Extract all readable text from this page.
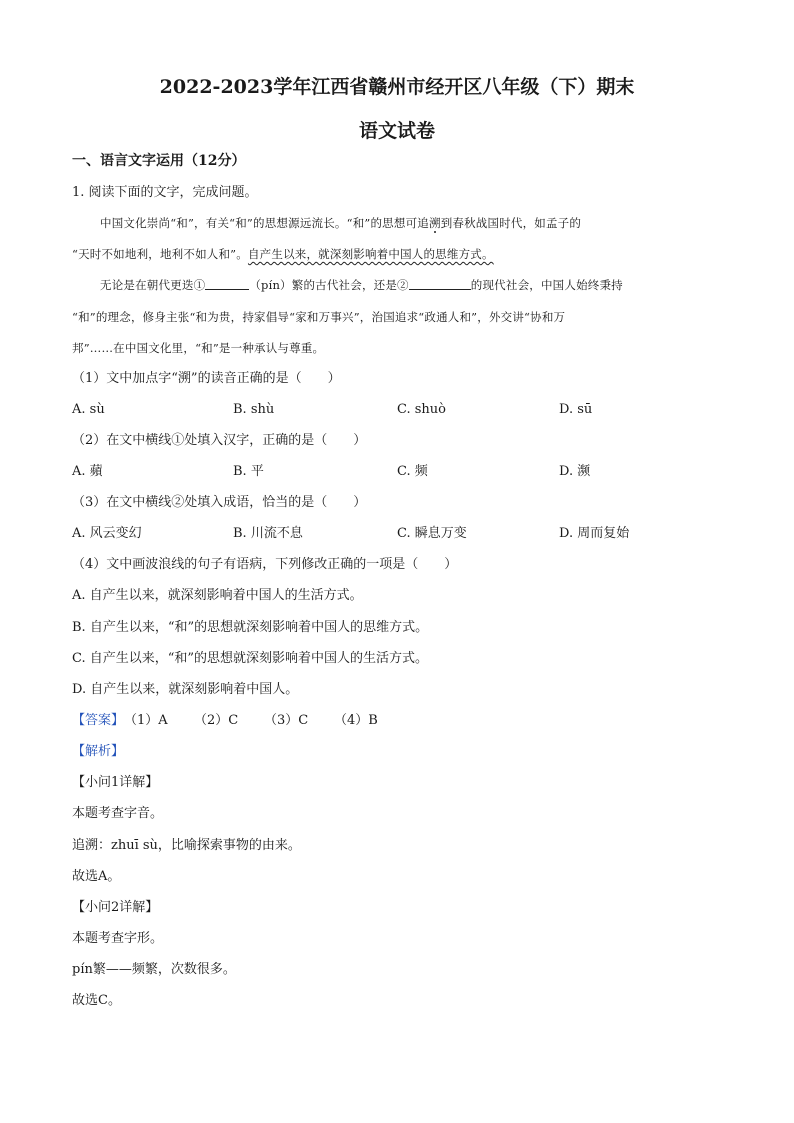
2022-2023学年江西省赣州市经开区八年级（下）期末
语文试卷
一、语言文字运用（12分）
1. 阅读下面的文字，完成问题。
中国文化崇尚“和”，有关“和”的思想源远流长。“和”的思想可追溯到春秋战国时代，如孟子的
“天时不如地利，地利不如人和”。自产生以来，就深刻影响着中国人的思维方式。
无论是在朝代更迭①	（pín）繁的古代社会，还是②	的现代社会，中国人始终秉持
“和”的理念，修身主张“和为贵，持家倡导“家和万事兴”，治国追求“政通人和”，外交讲“协和万
邦”……在中国文化里，“和”是一种承认与尊重。
（1）文中加点字“溯”的读音正确的是（　　）
A. sù	B. shù	C. shuò	D. sū
（2）在文中横线①处填入汉字，正确的是（　　）
A. 蘋	B. 平	C. 频	D. 濒
（3）在文中横线②处填入成语，恰当的是（　　）
A. 风云变幻	B. 川流不息	C. 瞬息万变	D. 周而复始
（4）文中画波浪线的句子有语病，下列修改正确的一项是（　　）
A. 自产生以来，就深刻影响着中国人的生活方式。
B. 自产生以来，“和”的思想就深刻影响着中国人的思维方式。
C. 自产生以来，“和”的思想就深刻影响着中国人的生活方式。
D. 自产生以来，就深刻影响着中国人。
【答案】（1）A （2）C （3）C （4）B
【解析】
【小问1详解】
本题考查字音。
追溯：zhuī sù，比喻探索事物的由来。
故选A。
【小问2详解】
本题考查字形。
pín繁——频繁，次数很多。
故选C。
